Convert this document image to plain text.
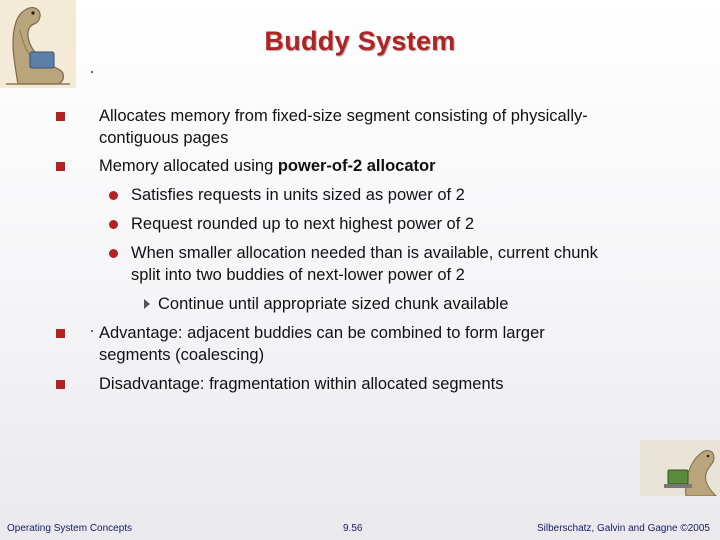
Buddy System
Allocates memory from fixed-size segment consisting of physically-contiguous pages
Memory allocated using power-of-2 allocator
Satisfies requests in units sized as power of 2
Request rounded up to next highest power of 2
When smaller allocation needed than is available, current chunk split into two buddies of next-lower power of 2
Continue until appropriate sized chunk available
Advantage: adjacent buddies can be combined to form larger segments (coalescing)
Disadvantage: fragmentation within allocated segments
Operating System Concepts	9.56	Silberschatz, Galvin and Gagne ©2005
